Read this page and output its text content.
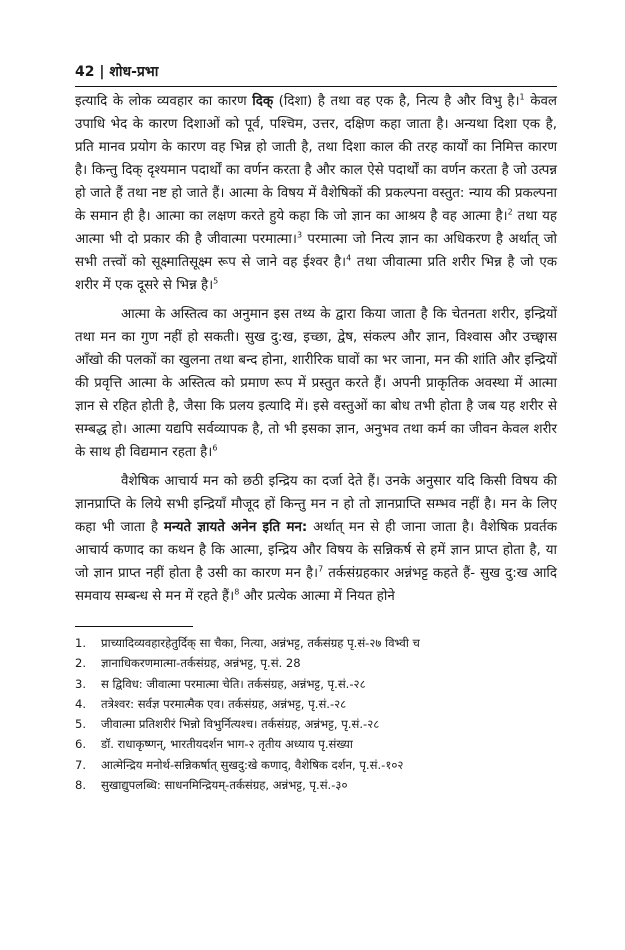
42 | शोध-प्रभा

इत्यादि के लोक व्यवहार का कारण दिक् (दिशा) है तथा वह एक है, नित्य है और विभु है।$^1$ केवल उपाधि भेद के कारण दिशाओं को पूर्व, पश्चिम, उत्तर, दक्षिण कहा जाता है। अन्यथा दिशा एक है, प्रति मानव प्रयोग के कारण वह भिन्न हो जाती है, तथा दिशा काल की तरह कार्यों का निमित्त कारण है। किन्तु दिक् दृश्यमान पदार्थों का वर्णन करता है और काल ऐसे पदार्थों का वर्णन करता है जो उत्पन्न हो जाते हैं तथा नष्ट हो जाते हैं। आत्मा के विषय में वैशेषिकों की प्रकल्पना वस्तुत: न्याय की प्रकल्पना के समान ही है। आत्मा का लक्षण करते हुये कहा कि जो ज्ञान का आश्रय है वह आत्मा है।$^2$ तथा यह आत्मा भी दो प्रकार की है जीवात्मा परमात्मा।$^3$ परमात्मा जो नित्य ज्ञान का अधिकरण है अर्थात् जो सभी तत्त्वों को सूक्ष्मातिसूक्ष्म रूप से जाने वह ईश्वर है।$^4$ तथा जीवात्मा प्रति शरीर भिन्न है जो एक शरीर में एक दूसरे से भिन्न है।$^5$

आत्मा के अस्तित्व का अनुमान इस तथ्य के द्वारा किया जाता है कि चेतनता शरीर, इन्द्रियों तथा मन का गुण नहीं हो सकती। सुख दु:ख, इच्छा, द्वेष, संकल्प और ज्ञान, विश्वास और उच्छ्वास आँखो की पलकों का खुलना तथा बन्द होना, शारीरिक घावों का भर जाना, मन की शांति और इन्द्रियों की प्रवृत्ति आत्मा के अस्तित्व को प्रमाण रूप में प्रस्तुत करते हैं। अपनी प्राकृतिक अवस्था में आत्मा ज्ञान से रहित होती है, जैसा कि प्रलय इत्यादि में। इसे वस्तुओं का बोध तभी होता है जब यह शरीर से सम्बद्ध हो। आत्मा यद्यपि सर्वव्यापक है, तो भी इसका ज्ञान, अनुभव तथा कर्म का जीवन केवल शरीर के साथ ही विद्यमान रहता है।$^6$

वैशेषिक आचार्य मन को छठी इन्द्रिय का दर्जा देते हैं। उनके अनुसार यदि किसी विषय की ज्ञानप्राप्ति के लिये सभी इन्द्रियाँ मौजूद हों किन्तु मन न हो तो ज्ञानप्राप्ति सम्भव नहीं है। मन के लिए कहा भी जाता है मन्यते ज्ञायते अनेन इति मन: अर्थात् मन से ही जाना जाता है। वैशेषिक प्रवर्तक आचार्य कणाद का कथन है कि आत्मा, इन्द्रिय और विषय के सन्निकर्ष से हमें ज्ञान प्राप्त होता है, या जो ज्ञान प्राप्त नहीं होता है उसी का कारण मन है।$^7$ तर्कसंग्रहकार अन्नंभट्ट कहते हैं- सुख दु:ख आदि समवाय सम्बन्ध से मन में रहते हैं।$^8$ और प्रत्येक आत्मा में नियत होने

1.	प्राच्यादिव्यवहारहेतुर्दिक् सा चैका, नित्या, अन्नंभट्ट, तर्कसंग्रह पृ.सं-२७ विभ्वी च
2.	ज्ञानाधिकरणमात्मा-तर्कसंग्रह, अन्नंभट्ट, पृ.सं. 28
3.	स द्विविध: जीवात्मा परमात्मा चेति। तर्कसंग्रह, अन्नंभट्ट, पृ.सं.-२८
4.	तत्रेश्वर: सर्वज्ञ परमात्मैक एव। तर्कसंग्रह, अन्नंभट्ट, पृ.सं.-२८
5.	जीवात्मा प्रतिशरीरं भिन्नो विभुर्नित्यश्च। तर्कसंग्रह, अन्नंभट्ट, पृ.सं.-२८
6.	डॉ. राधाकृष्णन्, भारतीयदर्शन भाग-२ तृतीय अध्याय पृ.संख्या
7.	आत्मेन्द्रिय मनोर्थ-सन्निकर्षात् सुखदु:खे कणाद्, वैशेषिक दर्शन, पृ.सं.-१०२
8.	सुखाद्युपलब्धि: साधनमिन्द्रियम्-तर्कसंग्रह, अन्नंभट्ट, पृ.सं.-३०
